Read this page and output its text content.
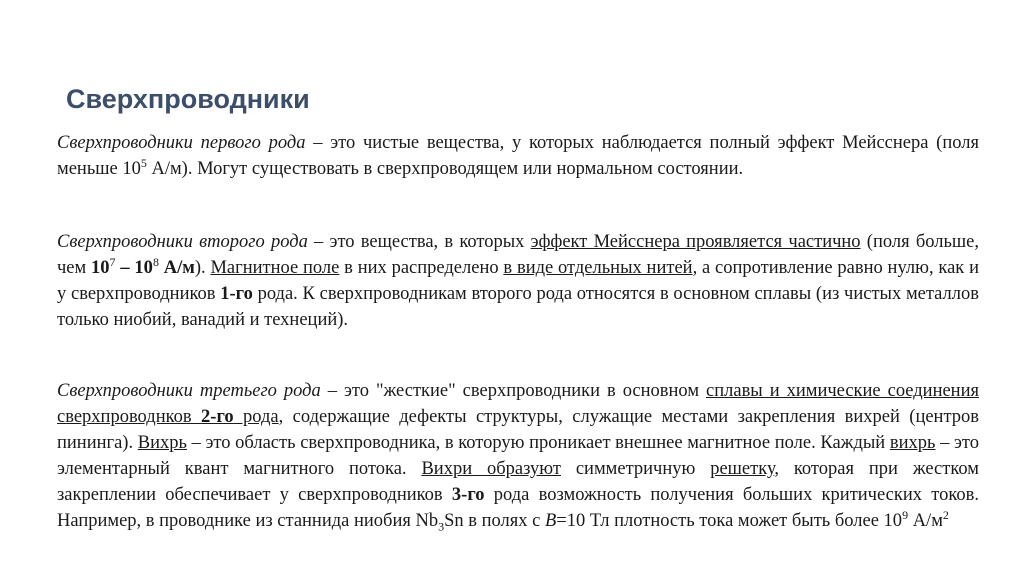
Сверхпроводники

Сверхпроводники первого рода – это чистые вещества, у которых наблюдается полный эффект Мейсснера (поля меньше $10^5$ А/м). Могут существовать в сверхпроводящем или нормальном состоянии.

Сверхпроводники второго рода – это вещества, в которых эффект Мейсснера проявляется частично (поля больше, чем $10^7 - 10^8$ А/м). Магнитное поле в них распределено в виде отдельных нитей, а сопротивление равно нулю, как и у сверхпроводников 1-го рода. К сверхпроводникам второго рода относятся в основном сплавы (из чистых металлов только ниобий, ванадий и технеций).

Сверхпроводники третьего рода – это "жесткие" сверхпроводники в основном сплавы и химические соединения сверхпроводнков 2-го рода, содержащие дефекты структуры, служащие местами закрепления вихрей (центров пининга). Вихрь – это область сверхпроводника, в которую проникает внешнее магнитное поле. Каждый вихрь – это элементарный квант магнитного потока. Вихри образуют симметричную решетку, которая при жестком закреплении обеспечивает у сверхпроводников 3-го рода возможность получения больших критических токов. Например, в проводнике из станнида ниобия $Nb_3Sn$ в полях с B=10 Тл плотность тока может быть более $10^9$ $А/м^2$
